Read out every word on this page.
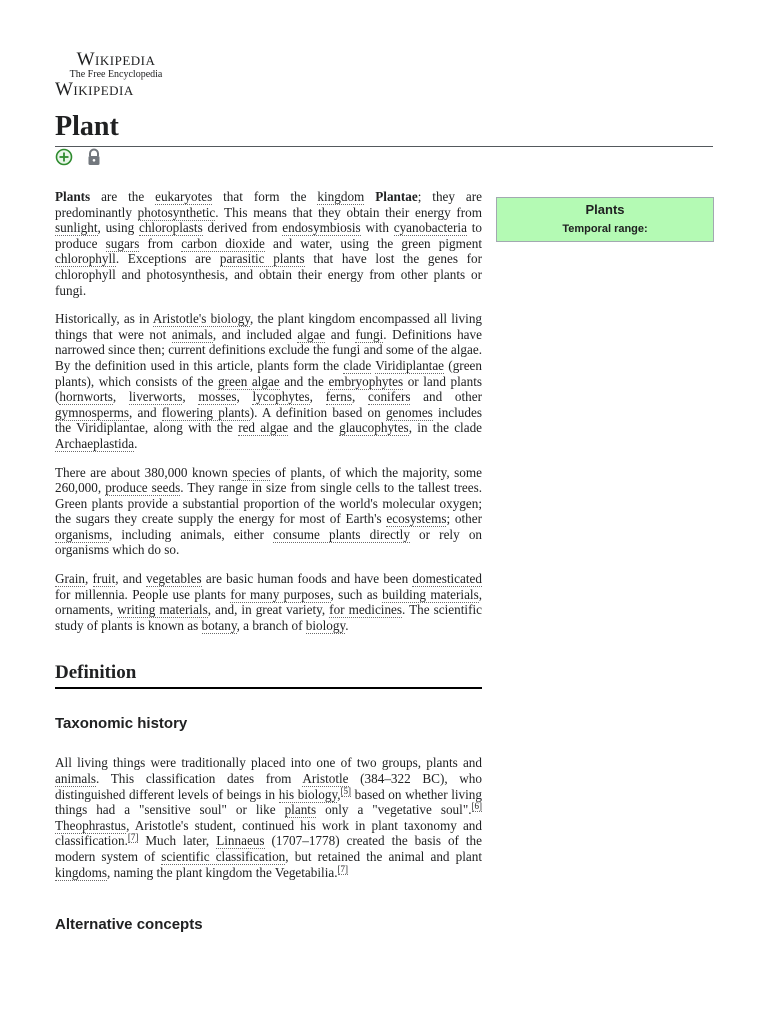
Wikipedia
The Free Encyclopedia
Wikipedia
Plant

Plants
Temporal range:

Plants are the eukaryotes that form the kingdom Plantae; they are predominantly photosynthetic. This means that they obtain their energy from sunlight, using chloroplasts derived from endosymbiosis with cyanobacteria to produce sugars from carbon dioxide and water, using the green pigment chlorophyll. Exceptions are parasitic plants that have lost the genes for chlorophyll and photosynthesis, and obtain their energy from other plants or fungi.

Historically, as in Aristotle's biology, the plant kingdom encompassed all living things that were not animals, and included algae and fungi. Definitions have narrowed since then; current definitions exclude the fungi and some of the algae. By the definition used in this article, plants form the clade Viridiplantae (green plants), which consists of the green algae and the embryophytes or land plants (hornworts, liverworts, mosses, lycophytes, ferns, conifers and other gymnosperms, and flowering plants). A definition based on genomes includes the Viridiplantae, along with the red algae and the glaucophytes, in the clade Archaeplastida.

There are about 380,000 known species of plants, of which the majority, some 260,000, produce seeds. They range in size from single cells to the tallest trees. Green plants provide a substantial proportion of the world's molecular oxygen; the sugars they create supply the energy for most of Earth's ecosystems; other organisms, including animals, either consume plants directly or rely on organisms which do so.

Grain, fruit, and vegetables are basic human foods and have been domesticated for millennia. People use plants for many purposes, such as building materials, ornaments, writing materials, and, in great variety, for medicines. The scientific study of plants is known as botany, a branch of biology.

Definition
Taxonomic history

All living things were traditionally placed into one of two groups, plants and animals. This classification dates from Aristotle (384–322 BC), who distinguished different levels of beings in his biology,[5] based on whether living things had a "sensitive soul" or like plants only a "vegetative soul".[6] Theophrastus, Aristotle's student, continued his work in plant taxonomy and classification.[7] Much later, Linnaeus (1707–1778) created the basis of the modern system of scientific classification, but retained the animal and plant kingdoms, naming the plant kingdom the Vegetabilia.[7]

Alternative concepts
